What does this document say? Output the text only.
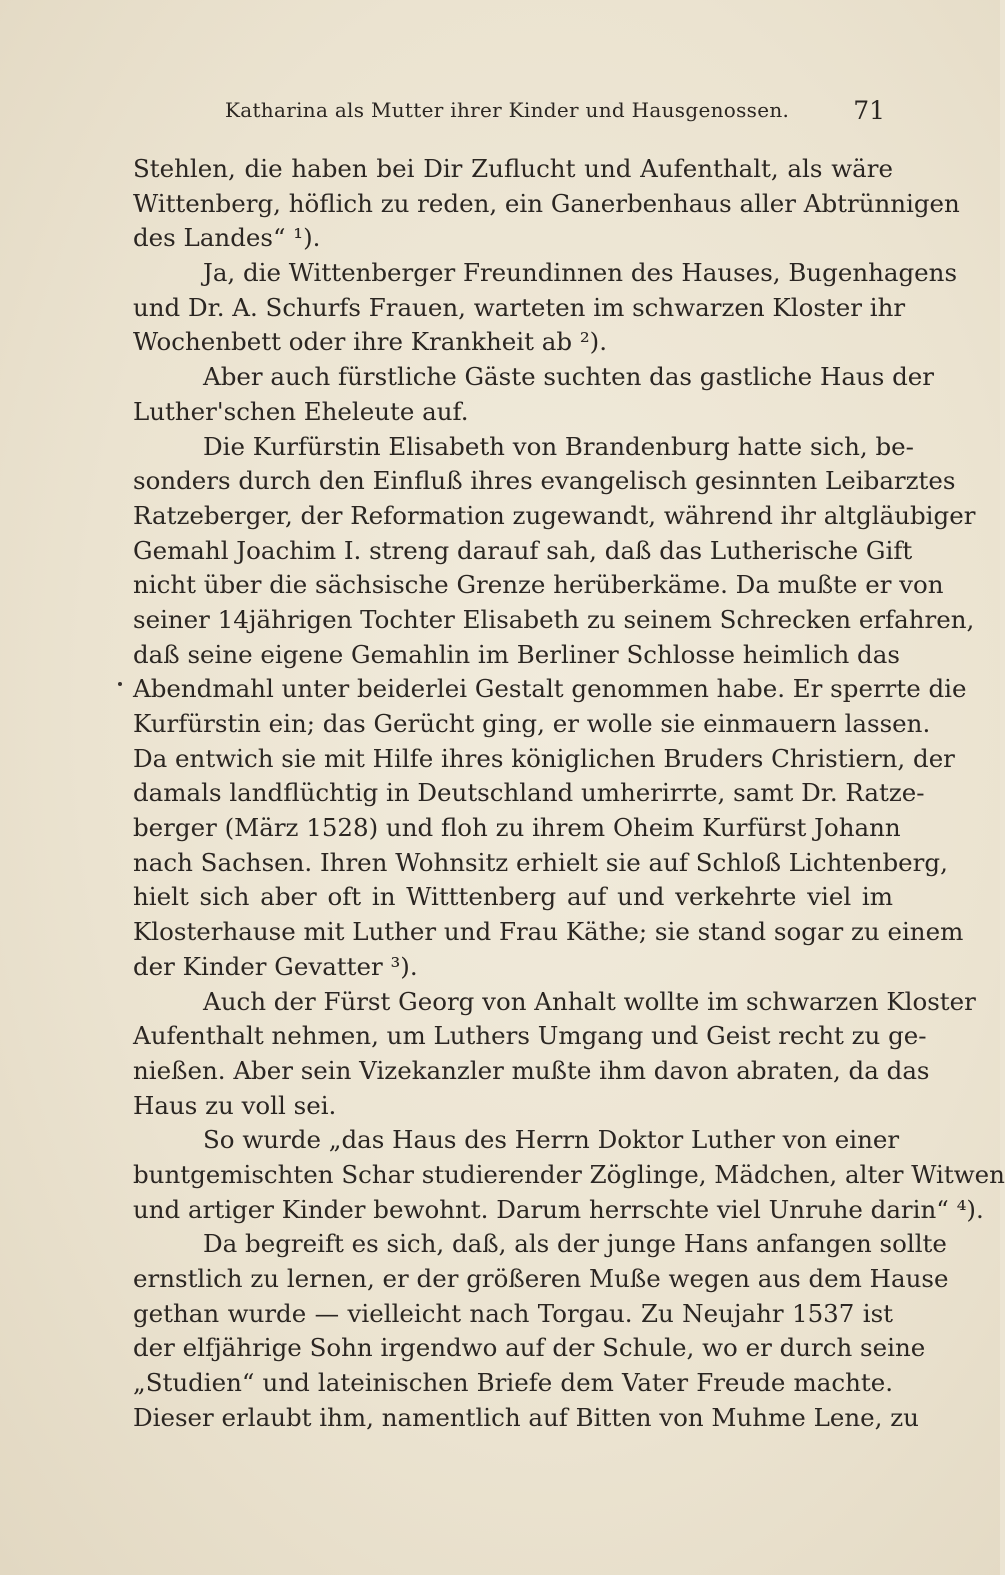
Katharina als Mutter ihrer Kinder und Hausgenossen.	71
Stehlen, die haben bei Dir Zuflucht und Aufenthalt, als wäre
Wittenberg, höflich zu reden, ein Ganerbenhaus aller Abtrünnigen
des Landes“ ¹).
Ja, die Wittenberger Freundinnen des Hauses, Bugenhagens
und Dr. A. Schurfs Frauen, warteten im schwarzen Kloster ihr
Wochenbett oder ihre Krankheit ab ²).
Aber auch fürstliche Gäste suchten das gastliche Haus der
Luther'schen Eheleute auf.
Die Kurfürstin Elisabeth von Brandenburg hatte sich, be-
sonders durch den Einfluß ihres evangelisch gesinnten Leibarztes
Ratzeberger, der Reformation zugewandt, während ihr altgläubiger
Gemahl Joachim I. streng darauf sah, daß das Lutherische Gift
nicht über die sächsische Grenze herüberkäme. Da mußte er von
seiner 14jährigen Tochter Elisabeth zu seinem Schrecken erfahren,
daß seine eigene Gemahlin im Berliner Schlosse heimlich das
Abendmahl unter beiderlei Gestalt genommen habe. Er sperrte die
Kurfürstin ein; das Gerücht ging, er wolle sie einmauern lassen.
Da entwich sie mit Hilfe ihres königlichen Bruders Christiern, der
damals landflüchtig in Deutschland umherirrte, samt Dr. Ratze-
berger (März 1528) und floh zu ihrem Oheim Kurfürst Johann
nach Sachsen. Ihren Wohnsitz erhielt sie auf Schloß Lichtenberg,
hielt sich aber oft in Witttenberg auf und verkehrte viel im
Klosterhause mit Luther und Frau Käthe; sie stand sogar zu einem
der Kinder Gevatter ³).
Auch der Fürst Georg von Anhalt wollte im schwarzen Kloster
Aufenthalt nehmen, um Luthers Umgang und Geist recht zu ge-
nießen. Aber sein Vizekanzler mußte ihm davon abraten, da das
Haus zu voll sei.
So wurde „das Haus des Herrn Doktor Luther von einer
buntgemischten Schar studierender Zöglinge, Mädchen, alter Witwen
und artiger Kinder bewohnt. Darum herrschte viel Unruhe darin“ ⁴).
Da begreift es sich, daß, als der junge Hans anfangen sollte
ernstlich zu lernen, er der größeren Muße wegen aus dem Hause
gethan wurde — vielleicht nach Torgau. Zu Neujahr 1537 ist
der elfjährige Sohn irgendwo auf der Schule, wo er durch seine
„Studien“ und lateinischen Briefe dem Vater Freude machte.
Dieser erlaubt ihm, namentlich auf Bitten von Muhme Lene, zu
